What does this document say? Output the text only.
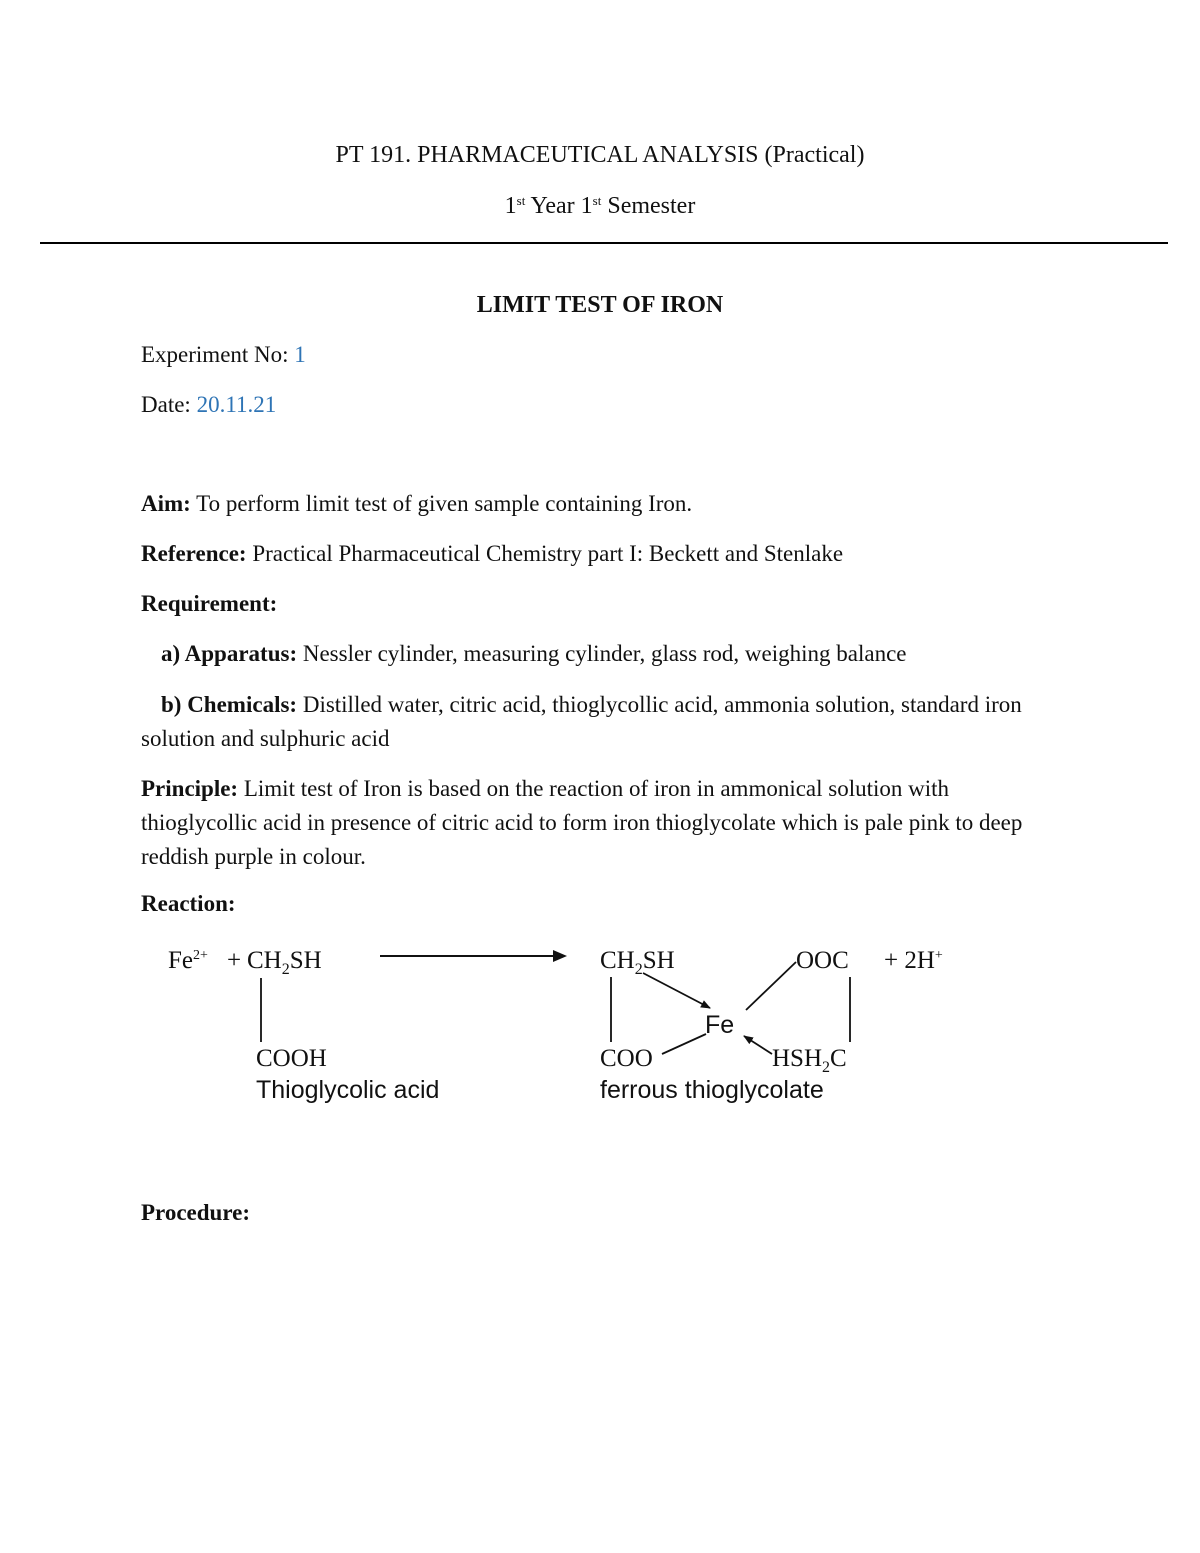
PT 191. PHARMACEUTICAL ANALYSIS (Practical)
1st Year 1st Semester
LIMIT TEST OF IRON
Experiment No: 1
Date: 20.11.21
Aim: To perform limit test of given sample containing Iron.
Reference: Practical Pharmaceutical Chemistry part I: Beckett and Stenlake
Requirement:
a) Apparatus: Nessler cylinder, measuring cylinder, glass rod, weighing balance
b) Chemicals: Distilled water, citric acid, thioglycollic acid, ammonia solution, standard iron solution and sulphuric acid
Principle: Limit test of Iron is based on the reaction of iron in ammonical solution with thioglycollic acid in presence of citric acid to form iron thioglycolate which is pale pink to deep reddish purple in colour.
Reaction:
$Fe^{2+} + CH_2SH$
COOH
Thioglycolic acid
$CH_2SH$	OOC + 2H+
Fe
COO	$HSH_2C$
ferrous thioglycolate
Procedure:
